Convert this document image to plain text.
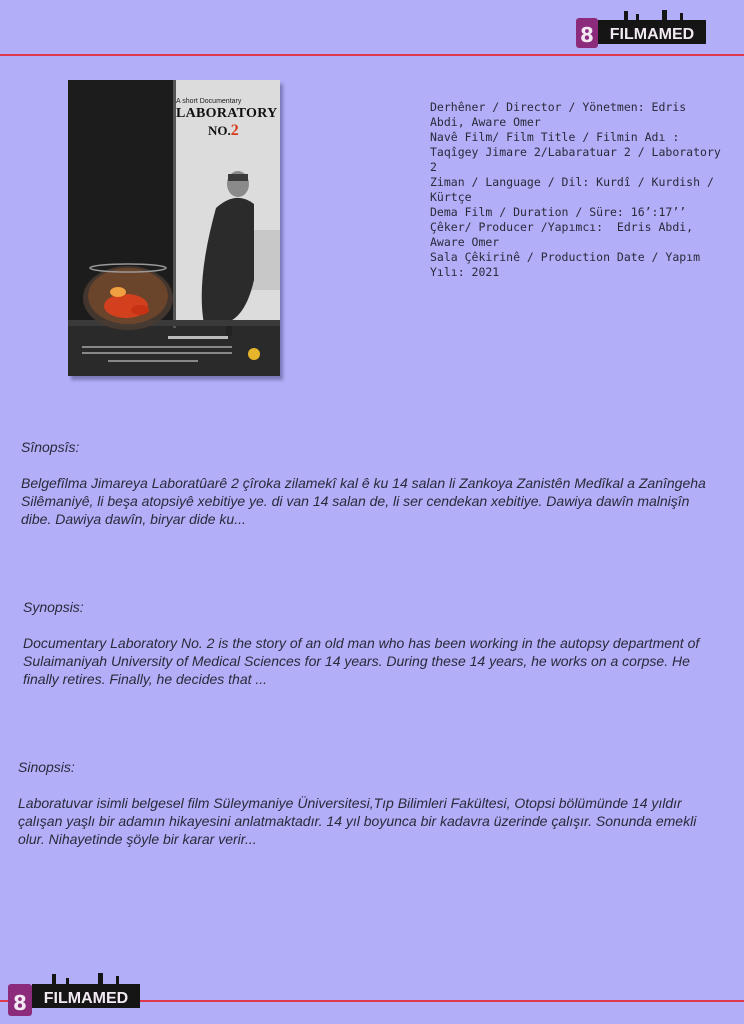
8 FILMAMED
A short Documentary
LABORATORY
NO.2
Derhêner / Director / Yönetmen: Edris Abdi, Aware Omer
Navê Film/ Film Title / Filmin Adı : Taqîgey Jimare 2/Labaratuar 2 / Laboratory 2
Ziman / Language / Dil: Kurdî / Kurdish / Kürtçe
Dema Film / Duration / Süre: 16’:17’’
Çêker/ Producer /Yapımcı:  Edris Abdi, Aware Omer
Sala Çêkirinê / Production Date / Yapım Yılı: 2021
Sînopsîs:
Belgefîlma Jimareya Laboratûarê 2 çîroka zilamekî kal ê ku 14 salan li Zankoya Zanistên Medîkal a Zanîngeha Silêmaniyê, li beşa atopsiyê xebitiye ye. di van 14 salan de, li ser cendekan xebitiye. Dawiya dawîn malnişîn dibe. Dawiya dawîn, biryar dide ku...
Synopsis:
Documentary Laboratory No. 2 is the story of an old man who has been working in the autopsy department of Sulaimaniyah University of Medical Sciences for 14 years. During these 14 years, he works on a corpse. He finally retires. Finally, he decides that ...
Sinopsis:
Laboratuvar isimli belgesel film Süleymaniye Üniversitesi,Tıp Bilimleri Fakültesi, Otopsi bölümünde 14 yıldır çalışan yaşlı bir adamın hikayesini anlatmaktadır. 14 yıl boyunca bir kadavra üzerinde çalışır. Sonunda emekli olur. Nihayetinde şöyle bir karar verir...
8 FILMAMED
